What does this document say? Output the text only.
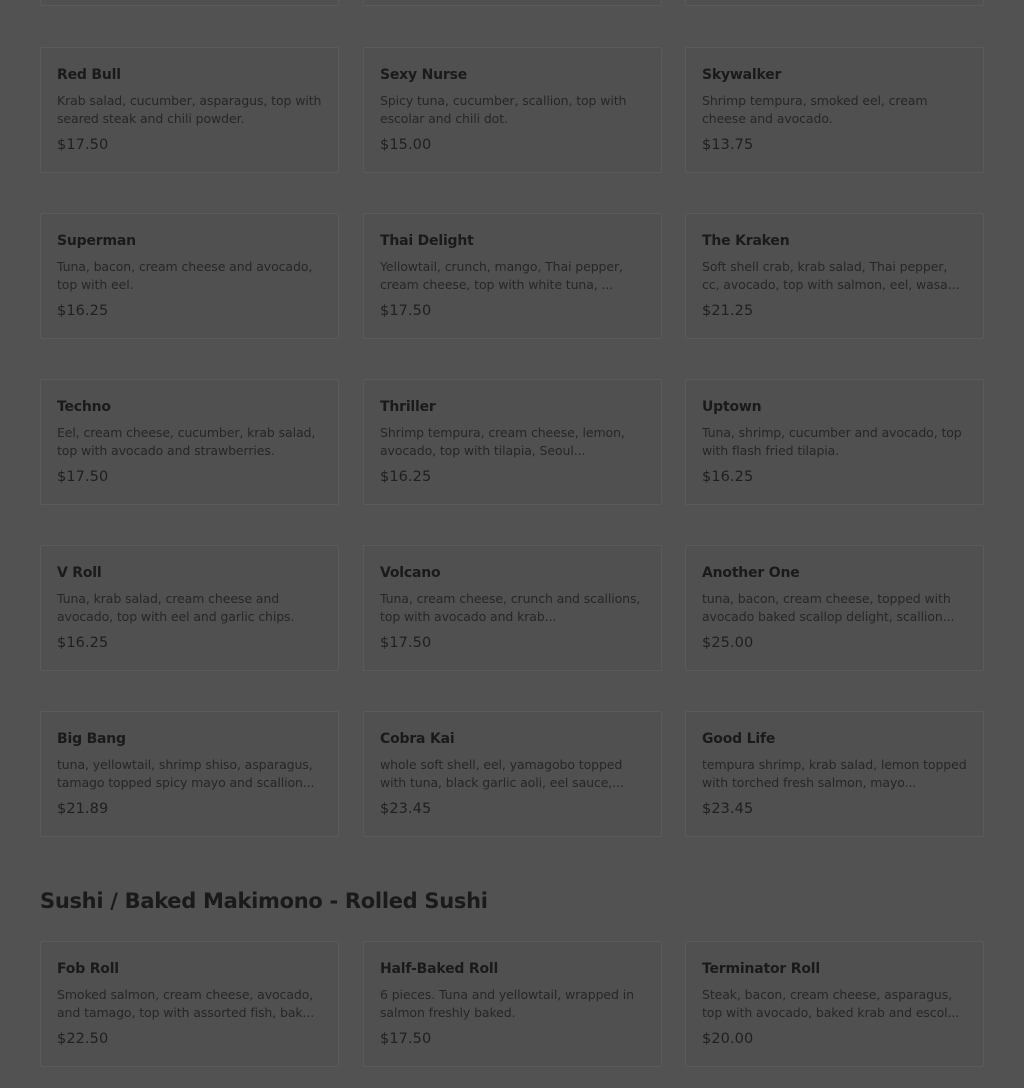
Red Bull
Krab salad, cucumber, asparagus, top with seared steak and chili powder.
$17.50
Sexy Nurse
Spicy tuna, cucumber, scallion, top with escolar and chili dot.
$15.00
Skywalker
Shrimp tempura, smoked eel, cream cheese and avocado.
$13.75
Superman
Tuna, bacon, cream cheese and avocado, top with eel.
$16.25
Thai Delight
Yellowtail, crunch, mango, Thai pepper, cream cheese, top with white tuna, ...
$17.50
The Kraken
Soft shell crab, krab salad, Thai pepper, cc, avocado, top with salmon, eel, wasa...
$21.25
Techno
Eel, cream cheese, cucumber, krab salad, top with avocado and strawberries.
$17.50
Thriller
Shrimp tempura, cream cheese, lemon, avocado, top with tilapia, Seoul...
$16.25
Uptown
Tuna, shrimp, cucumber and avocado, top with flash fried tilapia.
$16.25
V Roll
Tuna, krab salad, cream cheese and avocado, top with eel and garlic chips.
$16.25
Volcano
Tuna, cream cheese, crunch and scallions, top with avocado and krab...
$17.50
Another One
tuna, bacon, cream cheese, topped with avocado baked scallop delight, scallion...
$25.00
Big Bang
tuna, yellowtail, shrimp shiso, asparagus, tamago topped spicy mayo and scallion...
$21.89
Cobra Kai
whole soft shell, eel, yamagobo topped with tuna, black garlic aoli, eel sauce,...
$23.45
Good Life
tempura shrimp, krab salad, lemon topped with torched fresh salmon, mayo...
$23.45
Sushi / Baked Makimono - Rolled Sushi
Fob Roll
Smoked salmon, cream cheese, avocado, and tamago, top with assorted fish, bak...
$22.50
Half-Baked Roll
6 pieces. Tuna and yellowtail, wrapped in salmon freshly baked.
$17.50
Terminator Roll
Steak, bacon, cream cheese, asparagus, top with avocado, baked krab and escol...
$20.00
